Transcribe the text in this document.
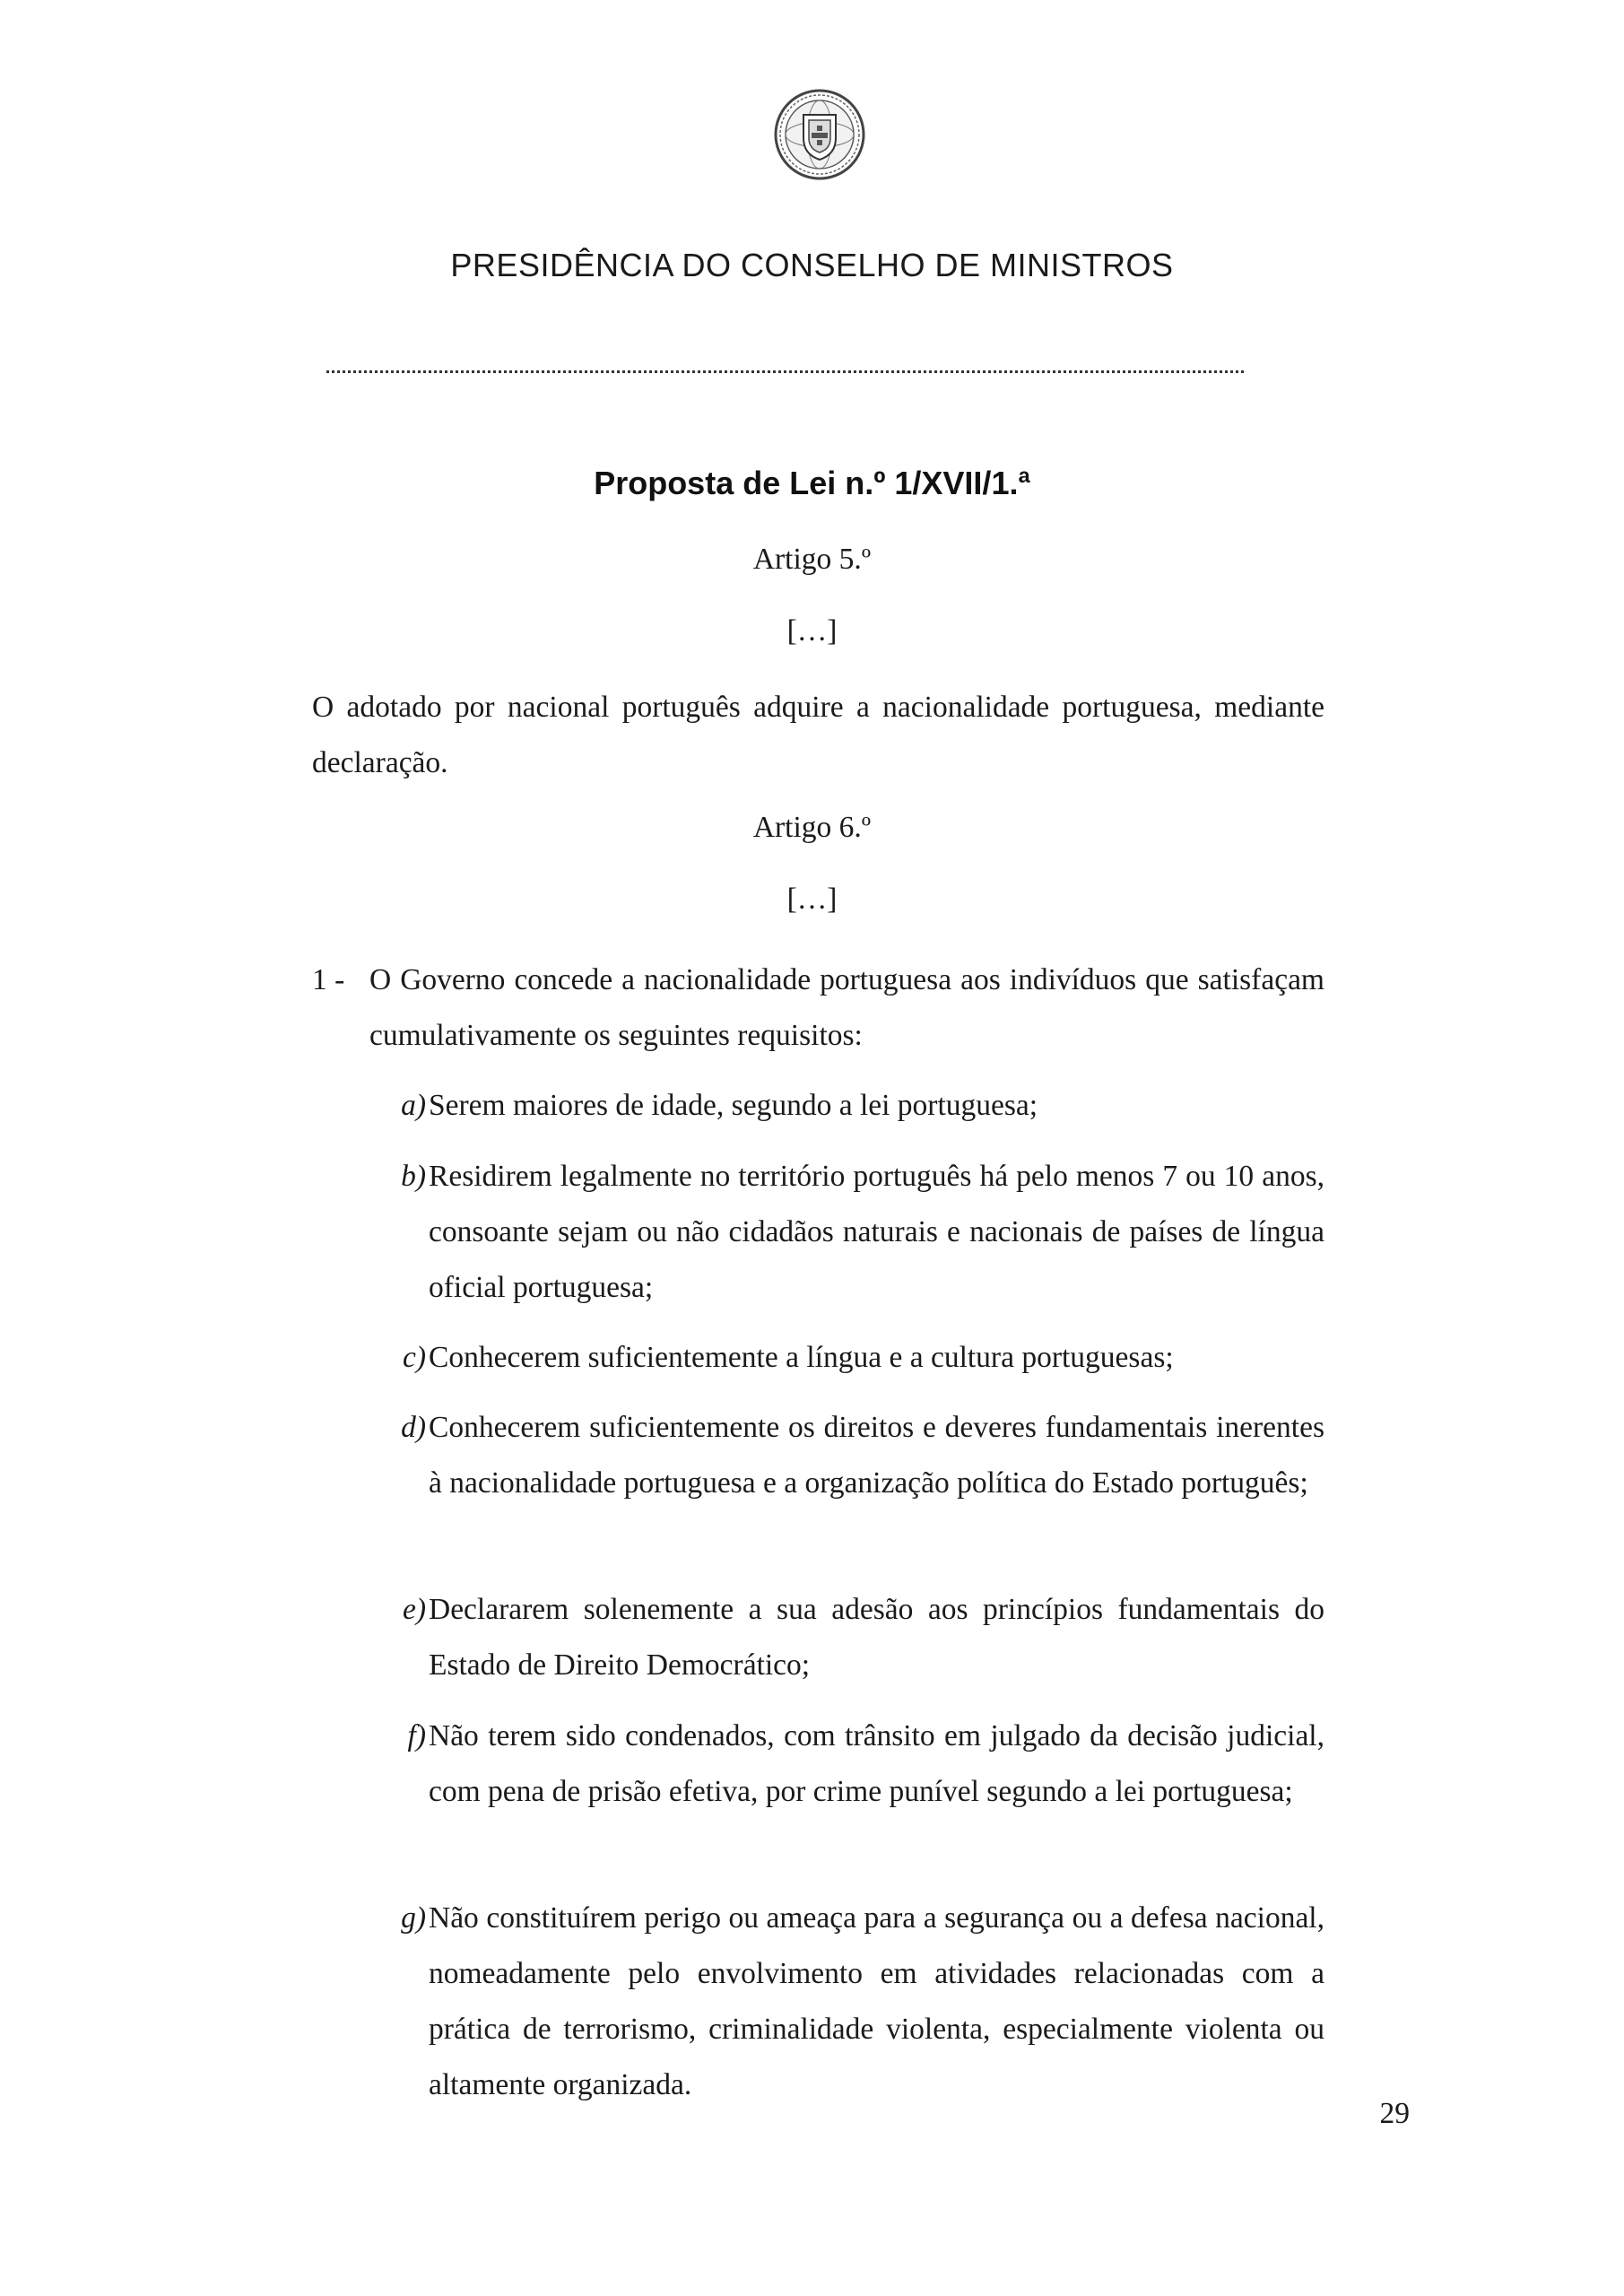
PRESIDÊNCIA DO CONSELHO DE MINISTROS
Proposta de Lei n.º 1/XVII/1.ª
Artigo 5.º
[…]
O adotado por nacional português adquire a nacionalidade portuguesa, mediante declaração.
Artigo 6.º
[…]
1 - O Governo concede a nacionalidade portuguesa aos indivíduos que satisfaçam cumulativamente os seguintes requisitos:
a) Serem maiores de idade, segundo a lei portuguesa;
b) Residirem legalmente no território português há pelo menos 7 ou 10 anos, consoante sejam ou não cidadãos naturais e nacionais de países de língua oficial portuguesa;
c) Conhecerem suficientemente a língua e a cultura portuguesas;
d) Conhecerem suficientemente os direitos e deveres fundamentais inerentes à nacionalidade portuguesa e a organização política do Estado português;
e) Declararem solenemente a sua adesão aos princípios fundamentais do Estado de Direito Democrático;
f) Não terem sido condenados, com trânsito em julgado da decisão judicial, com pena de prisão efetiva, por crime punível segundo a lei portuguesa;
g) Não constituírem perigo ou ameaça para a segurança ou a defesa nacional, nomeadamente pelo envolvimento em atividades relacionadas com a prática de terrorismo, criminalidade violenta, especialmente violenta ou altamente organizada.
29
